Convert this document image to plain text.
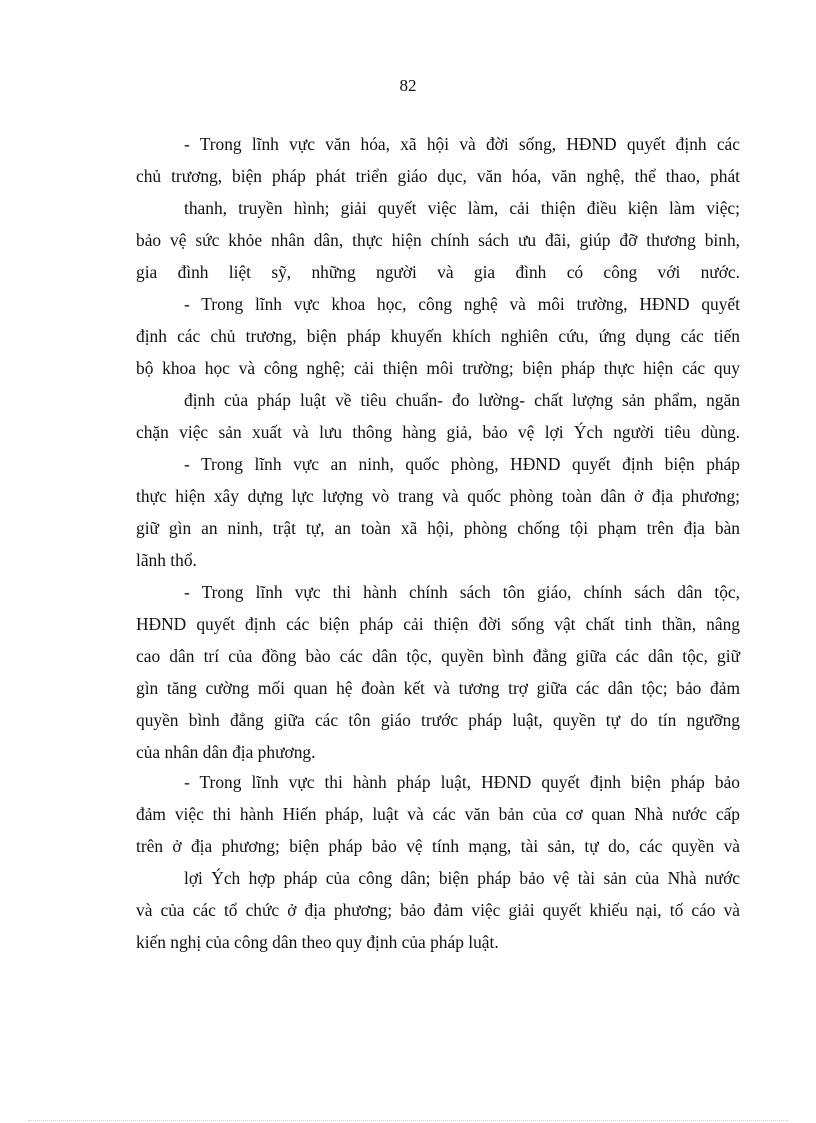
82
- Trong lĩnh vực văn hóa, xã hội và đời sống, HĐND quyết định các
chủ trương, biện pháp phát triển giáo dục, văn hóa, văn nghệ, thể thao, phát
thanh, truyền hình; giải quyết việc làm, cải thiện điều kiện làm việc;
bảo vệ sức khỏe nhân dân, thực hiện chính sách ưu đãi, giúp đỡ thương binh,
gia đình liệt sỹ, những người và gia đình có công với nước.
- Trong lĩnh vực khoa học, công nghệ và môi trường, HĐND quyết
định các chủ trương, biện pháp khuyến khích nghiên cứu, ứng dụng các tiến
bộ khoa học và công nghệ; cải thiện môi trường; biện pháp thực hiện các quy
định của pháp luật về tiêu chuẩn- đo lường- chất lượng sản phẩm, ngăn
chặn việc sản xuất và lưu thông hàng giả, bảo vệ lợi Ých người tiêu dùng.
- Trong lĩnh vực an ninh, quốc phòng, HĐND quyết định biện pháp
thực hiện xây dựng lực lượng vò trang và quốc phòng toàn dân ở địa phương;
giữ gìn an ninh, trật tự, an toàn xã hội, phòng chống tội phạm trên địa bàn
lãnh thổ.
- Trong lĩnh vực thi hành chính sách tôn giáo, chính sách dân tộc,
HĐND quyết định các biện pháp cải thiện đời sống vật chất tinh thần, nâng
cao dân trí của đồng bào các dân tộc, quyền bình đẳng giữa các dân tộc, giữ
gìn tăng cường mối quan hệ đoàn kết và tương trợ giữa các dân tộc; bảo đảm
quyền bình đẳng giữa các tôn giáo trước pháp luật, quyền tự do tín ngưỡng
của nhân dân địa phương.
- Trong lĩnh vực thi hành pháp luật, HĐND quyết định biện pháp bảo
đảm việc thi hành Hiến pháp, luật và các văn bản của cơ quan Nhà nước cấp
trên ở địa phương; biện pháp bảo vệ tính mạng, tài sản, tự do, các quyền và
lợi Ých hợp pháp của công dân; biện pháp bảo vệ tài sản của Nhà nước
và của các tổ chức ở địa phương; bảo đảm việc giải quyết khiếu nại, tố cáo và
kiến nghị của công dân theo quy định của pháp luật.
